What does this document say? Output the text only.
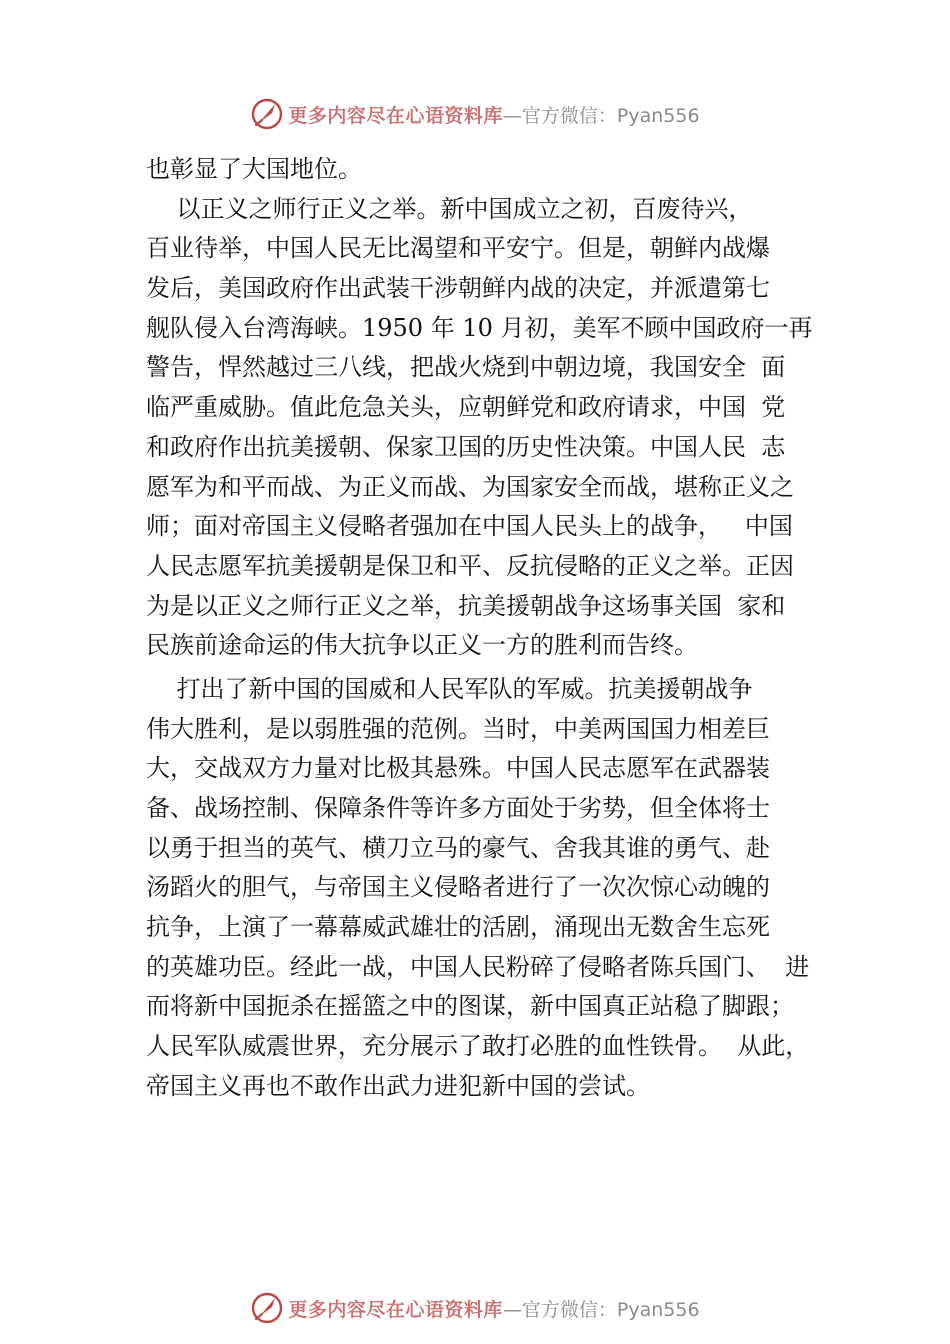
更多内容尽在心语资料库 —官方微信：Pyan556
也彰显了大国地位。
以正义之师行正义之举。新中国成立之初，百废待兴，
百业待举，中国人民无比渴望和平安宁。但是，朝鲜内战爆
发后，美国政府作出武装干涉朝鲜内战的决定，并派遣第七
舰队侵入台湾海峡。1950 年 10 月初，美军不顾中国政府一再
警告，悍然越过三八线，把战火烧到中朝边境，我国安全  面
临严重威胁。值此危急关头，应朝鲜党和政府请求，中国  党
和政府作出抗美援朝、保家卫国的历史性决策。中国人民  志
愿军为和平而战、为正义而战、为国家安全而战，堪称正义之
师；面对帝国主义侵略者强加在中国人民头上的战争，   中国
人民志愿军抗美援朝是保卫和平、反抗侵略的正义之举。正因
为是以正义之师行正义之举，抗美援朝战争这场事关国  家和
民族前途命运的伟大抗争以正义一方的胜利而告终。
打出了新中国的国威和人民军队的军威。抗美援朝战争
伟大胜利，是以弱胜强的范例。当时，中美两国国力相差巨
大，交战双方力量对比极其悬殊。中国人民志愿军在武器装
备、战场控制、保障条件等许多方面处于劣势，但全体将士
以勇于担当的英气、横刀立马的豪气、舍我其谁的勇气、赴
汤蹈火的胆气，与帝国主义侵略者进行了一次次惊心动魄的
抗争，上演了一幕幕威武雄壮的活剧，涌现出无数舍生忘死
的英雄功臣。经此一战，中国人民粉碎了侵略者陈兵国门、  进
而将新中国扼杀在摇篮之中的图谋，新中国真正站稳了脚跟；
人民军队威震世界，充分展示了敢打必胜的血性铁骨。  从此，
帝国主义再也不敢作出武力进犯新中国的尝试。
更多内容尽在心语资料库 —官方微信：Pyan556
